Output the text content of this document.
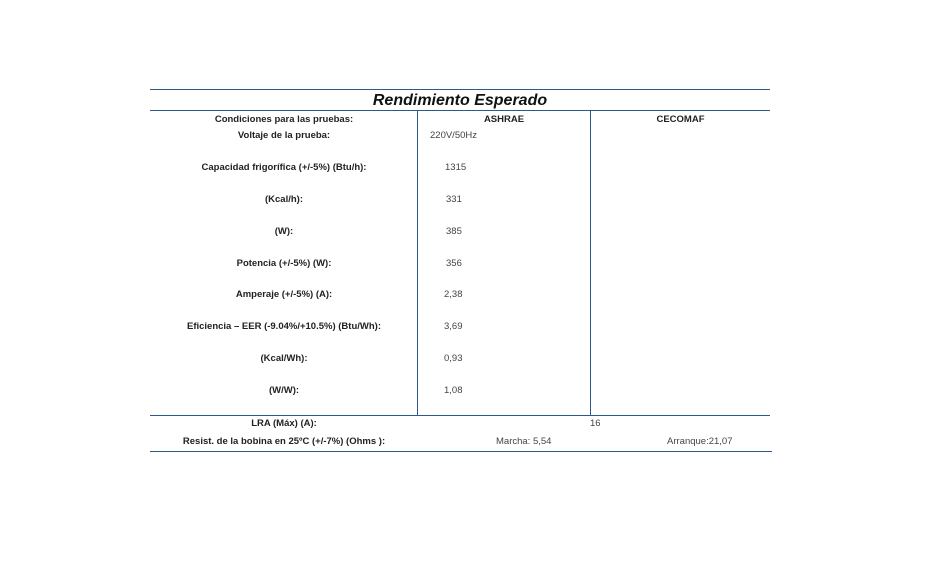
Rendimiento Esperado
Condiciones para las pruebas:	ASHRAE	CECOMAF
Voltaje de la prueba:	220V/50Hz
Capacidad frigorífica (+/-5%) (Btu/h):	1315
(Kcal/h):	331
(W):	385
Potencia (+/-5%) (W):	356
Amperaje (+/-5%) (A):	2,38
Eficiencia – EER (-9.04%/+10.5%) (Btu/Wh):	3,69
(Kcal/Wh):	0,93
(W/W):	1,08
LRA (Máx) (A):	16
Resist. de la bobina en 25ºC (+/-7%) (Ohms ):	Marcha: 5,54	Arranque:21,07
